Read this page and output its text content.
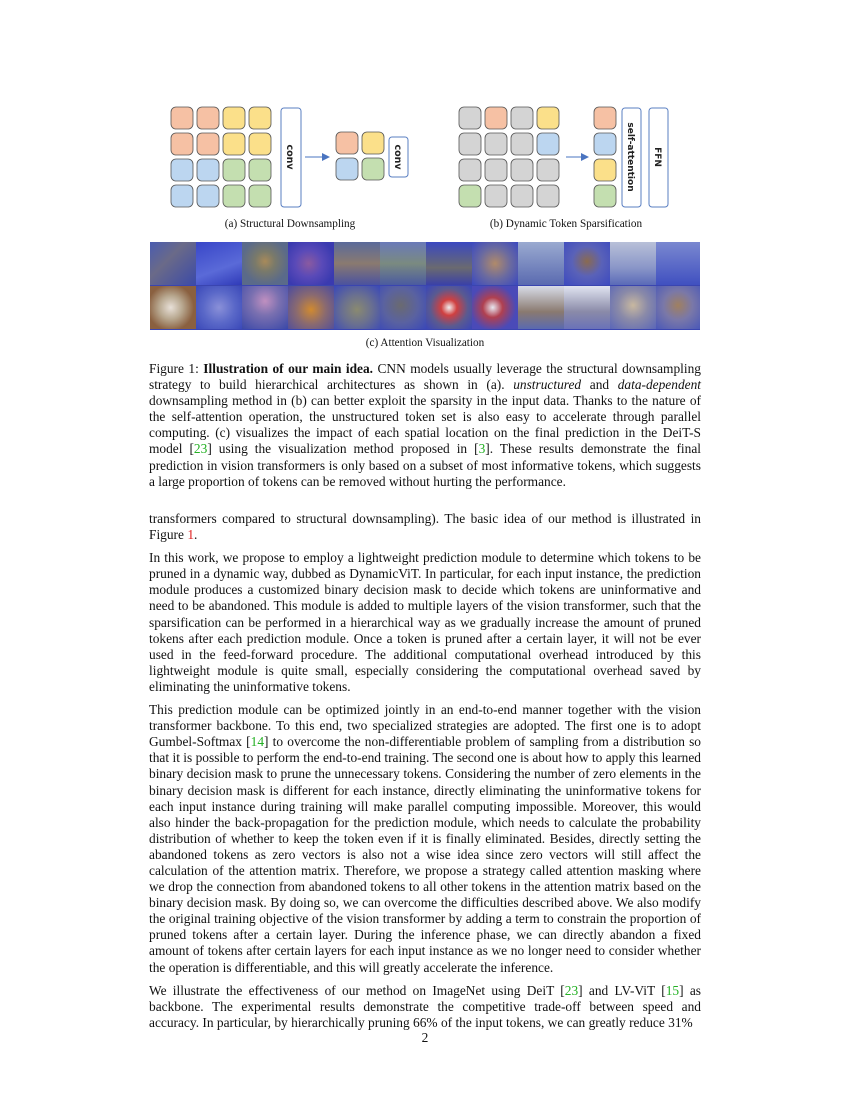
conv	conv	self-attention FFN
(a) Structural Downsampling	(b) Dynamic Token Sparsification
(c) Attention Visualization
Figure 1: Illustration of our main idea. CNN models usually leverage the structural downsampling strategy to build hierarchical architectures as shown in (a). unstructured and data-dependent downsampling method in (b) can better exploit the sparsity in the input data. Thanks to the nature of the self-attention operation, the unstructured token set is also easy to accelerate through parallel computing. (c) visualizes the impact of each spatial location on the final prediction in the DeiT-S model [23] using the visualization method proposed in [3]. These results demonstrate the final prediction in vision transformers is only based on a subset of most informative tokens, which suggests a large proportion of tokens can be removed without hurting the performance.

transformers compared to structural downsampling). The basic idea of our method is illustrated in Figure 1.

In this work, we propose to employ a lightweight prediction module to determine which tokens to be pruned in a dynamic way, dubbed as DynamicViT. In particular, for each input instance, the prediction module produces a customized binary decision mask to decide which tokens are uninformative and need to be abandoned. This module is added to multiple layers of the vision transformer, such that the sparsification can be performed in a hierarchical way as we gradually increase the amount of pruned tokens after each prediction module. Once a token is pruned after a certain layer, it will not be ever used in the feed-forward procedure. The additional computational overhead introduced by this lightweight module is quite small, especially considering the computational overhead saved by eliminating the uninformative tokens.

This prediction module can be optimized jointly in an end-to-end manner together with the vision transformer backbone. To this end, two specialized strategies are adopted. The first one is to adopt Gumbel-Softmax [14] to overcome the non-differentiable problem of sampling from a distribution so that it is possible to perform the end-to-end training. The second one is about how to apply this learned binary decision mask to prune the unnecessary tokens. Considering the number of zero elements in the binary decision mask is different for each instance, directly eliminating the uninformative tokens for each input instance during training will make parallel computing impossible. Moreover, this would also hinder the back-propagation for the prediction module, which needs to calculate the probability distribution of whether to keep the token even if it is finally eliminated. Besides, directly setting the abandoned tokens as zero vectors is also not a wise idea since zero vectors will still affect the calculation of the attention matrix. Therefore, we propose a strategy called attention masking where we drop the connection from abandoned tokens to all other tokens in the attention matrix based on the binary decision mask. By doing so, we can overcome the difficulties described above. We also modify the original training objective of the vision transformer by adding a term to constrain the proportion of pruned tokens after a certain layer. During the inference phase, we can directly abandon a fixed amount of tokens after certain layers for each input instance as we no longer need to consider whether the operation is differentiable, and this will greatly accelerate the inference.

We illustrate the effectiveness of our method on ImageNet using DeiT [23] and LV-ViT [15] as backbone. The experimental results demonstrate the competitive trade-off between speed and accuracy. In particular, by hierarchically pruning 66% of the input tokens, we can greatly reduce 31%

2
